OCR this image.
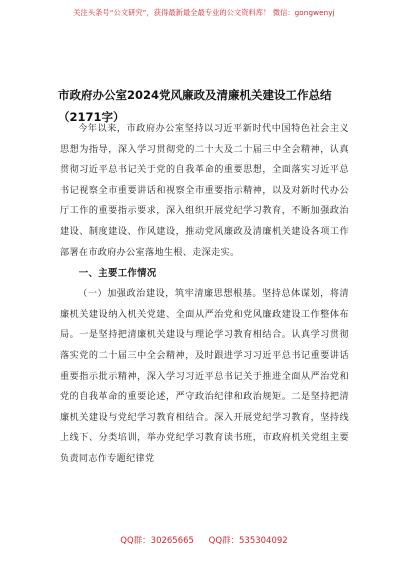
关注头条号“公文研究”，获得最新最全最专业的公文资料库！ 微信：gongwenyj
市政府办公室2024党风廉政及清廉机关建设工作总结（2171字）

今年以来，市政府办公室坚持以习近平新时代中国特色社会主义思想为指导，深入学习贯彻党的二十大及二十届三中全会精神，认真贯彻习近平总书记关于党的自我革命的重要思想，全面落实习近平总书记视察全市重要讲话和视察全市重要指示精神，以及对新时代办公厅工作的重要指示要求，深入组织开展党纪学习教育，不断加强政治建设、制度建设、作风建设，推动党风廉政及清廉机关建设各项工作部署在市政府办公室落地生根、走深走实。

一、主要工作情况

（一）加强政治建设，筑牢清廉思想根基。坚持总体谋划，将清廉机关建设纳入机关党建、全面从严治党和党风廉政建设工作整体布局。一是坚持把清廉机关建设与理论学习教育相结合。认真学习贯彻落实党的二十届三中全会精神，及时跟进学习习近平总书记重要讲话重要指示批示精神，深入学习习近平总书记关于推进全面从严治党和党的自我革命的重要论述，严守政治纪律和政治规矩。二是坚持把清廉机关建设与党纪学习教育相结合。深入开展党纪学习教育，坚持线上线下、分类培训，举办党纪学习教育读书班，市政府机关党组主要负责同志作专题纪律党

QQ群：30265665 QQ群：535304092
